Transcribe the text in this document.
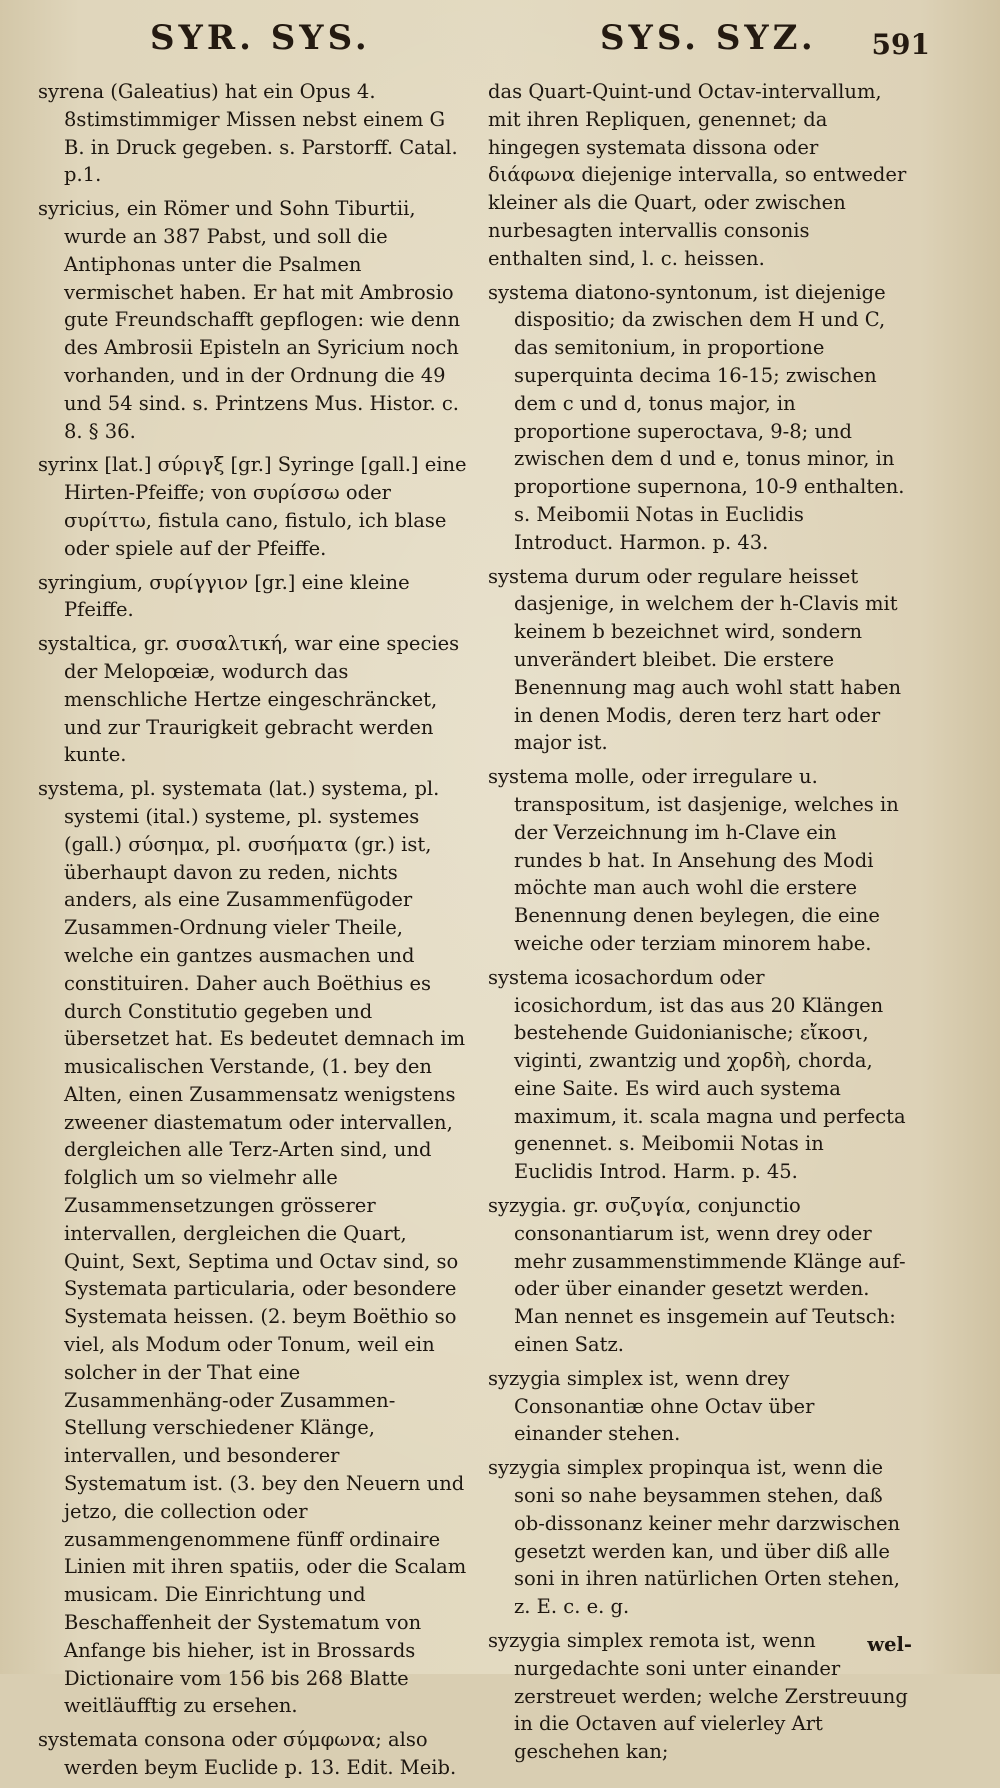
SYR. SYS.	SYS. SYZ. 591

syrena (Galeatius) hat ein Opus 4. 8stimstimmiger Missen nebst einem G B. in Druck gegeben. s. Parstorff. Catal. p.1.

syricius, ein Römer und Sohn Tiburtii, wurde an 387 Pabst, und soll die Antiphonas unter die Psalmen vermischet haben. Er hat mit Ambrosio gute Freundschafft gepflogen: wie denn des Ambrosii Episteln an Syricium noch vorhanden, und in der Ordnung die 49 und 54 sind. s. Printzens Mus. Histor. c. 8. § 36.

syrinx [lat.] σύριγξ [gr.] Syringe [gall.] eine Hirten-Pfeiffe; von συρίσσω oder συρίττω, fistula cano, fistulo, ich blase oder spiele auf der Pfeiffe.

syringium, συρίγγιον [gr.] eine kleine Pfeiffe.

systaltica, gr. συσαλτική, war eine species der Melopœiæ, wodurch das menschliche Hertze eingeschräncket, und zur Traurigkeit gebracht werden kunte.

systema, pl. systemata (lat.) systema, pl. systemi (ital.) systeme, pl. systemes (gall.) σύσημα, pl. συσήματα (gr.) ist, überhaupt davon zu reden, nichts anders, als eine Zusammenfügoder Zusammen-Ordnung vieler Theile, welche ein gantzes ausmachen und constituiren. Daher auch Boëthius es durch Constitutio gegeben und übersetzet hat. Es bedeutet demnach im musicalischen Verstande, (1. bey den Alten, einen Zusammensatz wenigstens zweener diastematum oder intervallen, dergleichen alle Terz-Arten sind, und folglich um so vielmehr alle Zusammensetzungen grösserer intervallen, dergleichen die Quart, Quint, Sext, Septima und Octav sind, so Systemata particularia, oder besondere Systemata heissen. (2. beym Boëthio so viel, als Modum oder Tonum, weil ein solcher in der That eine Zusammenhäng-oder Zusammen-Stellung verschiedener Klänge, intervallen, und besonderer Systematum ist. (3. bey den Neuern und jetzo, die collection oder zusammengenommene fünff ordinaire Linien mit ihren spatiis, oder die Scalam musicam. Die Einrichtung und Beschaffenheit der Systematum von Anfange bis hieher, ist in Brossards Dictionaire vom 156 bis 268 Blatte weitläufftig zu ersehen.

systemata consona oder σύμφωνα; also werden beym Euclide p. 13. Edit. Meib.

das Quart-Quint-und Octav-intervallum, mit ihren Repliquen, genennet; da hingegen systemata dissona oder διάφωνα diejenige intervalla, so entweder kleiner als die Quart, oder zwischen nurbesagten intervallis consonis enthalten sind, l. c. heissen.

systema diatono-syntonum, ist diejenige dispositio; da zwischen dem H und C, das semitonium, in proportione superquinta decima 16-15; zwischen dem c und d, tonus major, in proportione superoctava, 9-8; und zwischen dem d und e, tonus minor, in proportione supernona, 10-9 enthalten. s. Meibomii Notas in Euclidis Introduct. Harmon. p. 43.

systema durum oder regulare heisset dasjenige, in welchem der h-Clavis mit keinem b bezeichnet wird, sondern unverändert bleibet. Die erstere Benennung mag auch wohl statt haben in denen Modis, deren terz hart oder major ist.

systema molle, oder irregulare u. transpositum, ist dasjenige, welches in der Verzeichnung im h-Clave ein rundes b hat. In Ansehung des Modi möchte man auch wohl die erstere Benennung denen beylegen, die eine weiche oder terziam minorem habe.

systema icosachordum oder icosichordum, ist das aus 20 Klängen bestehende Guidonianische; εἴκοσι, viginti, zwantzig und χορδὴ, chorda, eine Saite. Es wird auch systema maximum, it. scala magna und perfecta genennet. s. Meibomii Notas in Euclidis Introd. Harm. p. 45.

syzygia. gr. συζυγία, conjunctio consonantiarum ist, wenn drey oder mehr zusammenstimmende Klänge auf- oder über einander gesetzt werden. Man nennet es insgemein auf Teutsch: einen Satz.

syzygia simplex ist, wenn drey Consonantiæ ohne Octav über einander stehen.

syzygia simplex propinqua ist, wenn die soni so nahe beysammen stehen, daß ob-dissonanz keiner mehr darzwischen gesetzt werden kan, und über diß alle soni in ihren natürlichen Orten stehen, z. E. c. e. g.

syzygia simplex remota ist, wenn nurgedachte soni unter einander zerstreuet werden; welche Zerstreuung in die Octaven auf vielerley Art geschehen kan;

wel-
